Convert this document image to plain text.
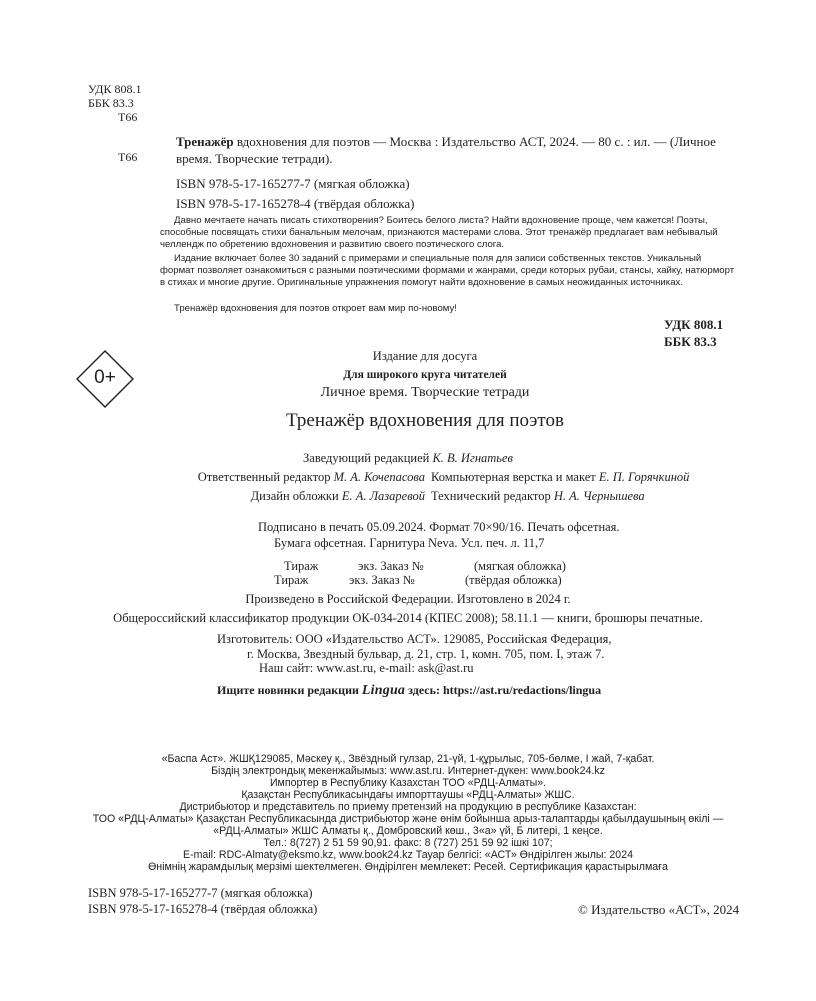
УДК 808.1
ББК 83.3
Т66
Т66
Тренажёр вдохновения для поэтов — Москва : Издательство АСТ, 2024. — 80 с. : ил. — (Личное
время. Творческие тетради).
ISBN 978-5-17-165277-7 (мягкая обложка)
ISBN 978-5-17-165278-4 (твёрдая обложка)
Давно мечтаете начать писать стихотворения? Боитесь белого листа? Найти вдохновение проще, чем кажется! Поэты, способные посвящать стихи банальным мелочам, признаются мастерами слова. Этот тренажёр предлагает вам небывалый челлендж по обретению вдохновения и развитию своего поэтического слога.
Издание включает более 30 заданий с примерами и специальные поля для записи собственных текстов. Уникальный формат позволяет ознакомиться с разными поэтическими формами и жанрами, среди которых рубаи, стансы, хайку, натюрморт в стихах и многие другие. Оригинальные упражнения помогут найти вдохновение в самых неожиданных источниках.
Тренажёр вдохновения для поэтов откроет вам мир по-новому!
УДК 808.1
ББК 83.3
0+
Издание для досуга
Для широкого круга читателей
Личное время. Творческие тетради
Тренажёр вдохновения для поэтов
Заведующий редакцией К. В. Игнатьев
Ответственный редактор М. А. Кочепасова Компьютерная верстка и макет Е. П. Горячкиной
Дизайн обложки Е. А. Лазаревой Технический редактор Н. А. Чернышева
Подписано в печать 05.09.2024. Формат 70×90/16. Печать офсетная.
Бумага офсетная. Гарнитура Neva. Усл. печ. л. 11,7
Тираж	экз. Заказ №	(мягкая обложка)
Тираж	экз. Заказ №	(твёрдая обложка)
Произведено в Российской Федерации. Изготовлено в 2024 г.
Общероссийский классификатор продукции ОК-034-2014 (КПЕС 2008); 58.11.1 — книги, брошюры печатные.
Изготовитель: ООО «Издательство АСТ». 129085, Российская Федерация,
г. Москва, Звездный бульвар, д. 21, стр. 1, комн. 705, пом. I, этаж 7.
Наш сайт: www.ast.ru, e-mail: ask@ast.ru
Ищите новинки редакции Lingua здесь: https://ast.ru/redactions/lingua
«Баспа Аст». ЖШҚ129085, Мәскеу қ., Звёздный гулзар, 21-үй, 1-құрылыс, 705-бөлме, I жай, 7-қабат.
Біздің электрондық мекенжайымыз: www.ast.ru. Интернет-дүкен: www.book24.kz
Импортер в Республику Казахстан ТОО «РДЦ-Алматы».
Қазақстан Республикасындағы импорттаушы «РДЦ-Алматы» ЖШС.
Дистрибьютор и представитель по приему претензий на продукцию в республике Казахстан:
ТОО «РДЦ-Алматы» Қазақстан Республикасында дистрибьютор және өнім бойынша арыз-талаптарды қабылдаушының өкілі —
«РДЦ-Алматы» ЖШС Алматы қ., Домбровский көш., 3«а» үй, Б литері, 1 кеңсе.
Тел.: 8(727) 2 51 59 90,91. факс: 8 (727) 251 59 92 ішкі 107;
E-mail: RDC-Almaty@eksmo.kz, www.book24.kz Тауар белгісі: «АСТ» Өндірілген жылы: 2024
Өнімнің жарамдылық мерзімі шектелмеген. Өндірілген мемлекет: Ресей. Сертификация қарастырылмаға
ISBN 978-5-17-165277-7 (мягкая обложка)
ISBN 978-5-17-165278-4 (твёрдая обложка)	© Издательство «АСТ», 2024
